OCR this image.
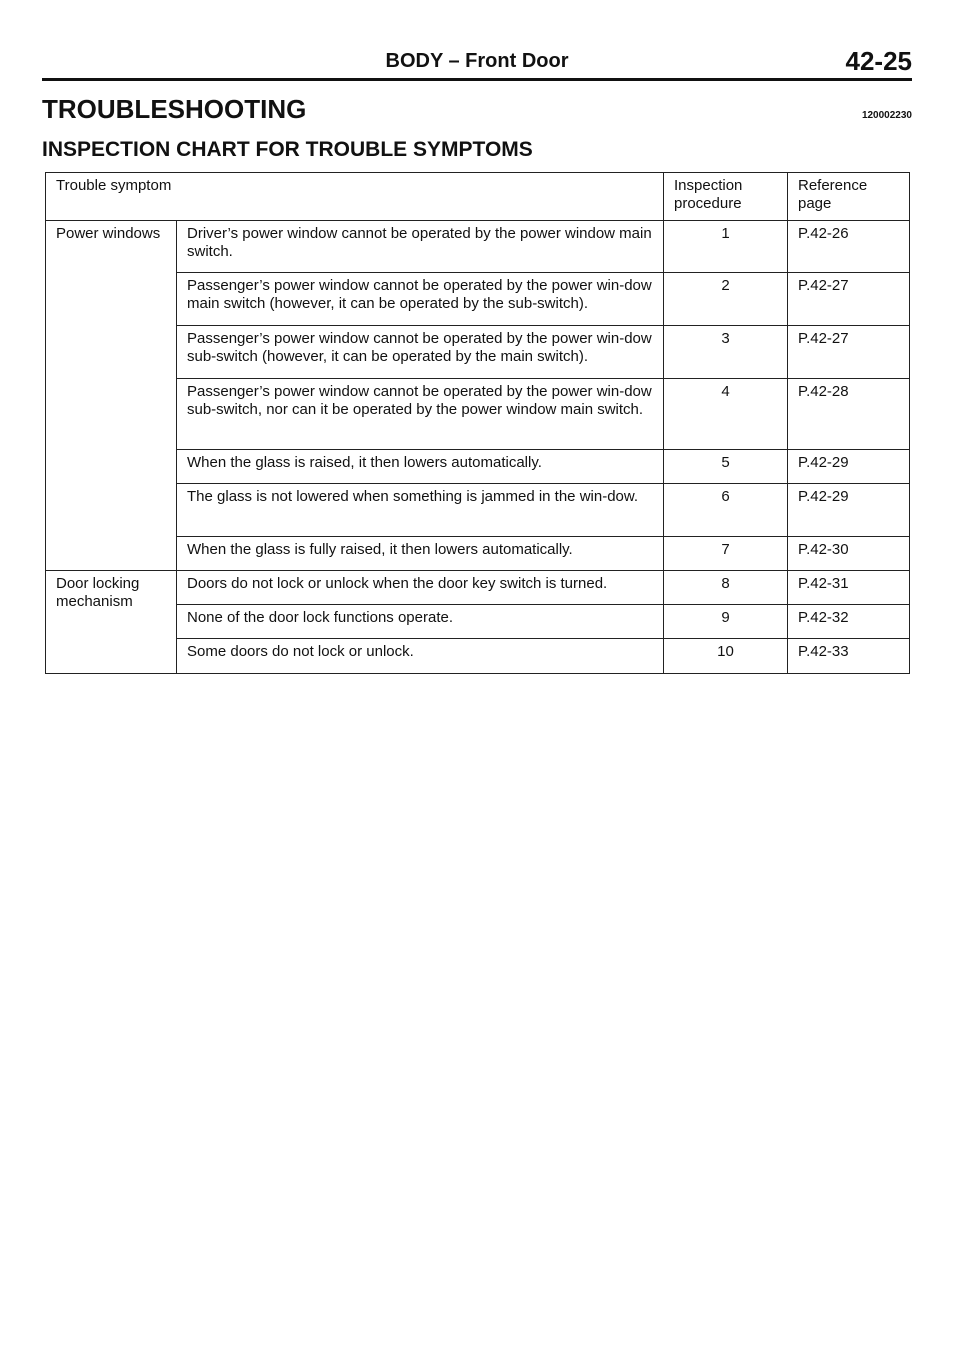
BODY – Front Door	42-25
TROUBLESHOOTING	120002230
INSPECTION CHART FOR TROUBLE SYMPTOMS
Trouble symptom		Inspection procedure	Reference page
Power windows	Driver’s power window cannot be operated by the power window main switch.	1	P.42-26
	Passenger’s power window cannot be operated by the power win-dow main switch (however, it can be operated by the sub-switch).	2	P.42-27
	Passenger’s power window cannot be operated by the power win-dow sub-switch (however, it can be operated by the main switch).	3	P.42-27
	Passenger’s power window cannot be operated by the power win-dow sub-switch, nor can it be operated by the power window main switch.	4	P.42-28
	When the glass is raised, it then lowers automatically.	5	P.42-29
	The glass is not lowered when something is jammed in the win-dow.	6	P.42-29
	When the glass is fully raised, it then lowers automatically.	7	P.42-30
Door locking mechanism	Doors do not lock or unlock when the door key switch is turned.	8	P.42-31
	None of the door lock functions operate.	9	P.42-32
	Some doors do not lock or unlock.	10	P.42-33
